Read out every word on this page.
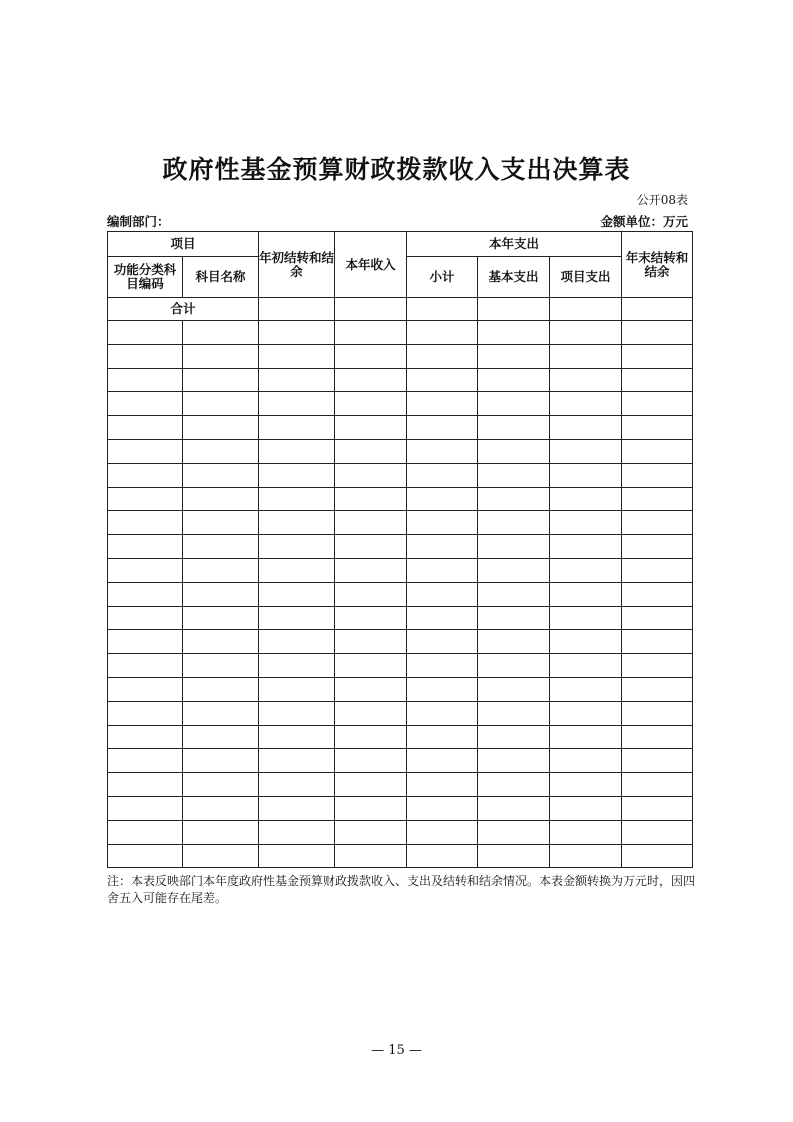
政府性基金预算财政拨款收入支出决算表
公开08表
编制部门：	金额单位：万元
项目		年初结转和结余	本年收入	本年支出			年末结转和结余
功能分类科目编码	科目名称			小计	基本支出	项目支出	
合计							

注：本表反映部门本年度政府性基金预算财政拨款收入、支出及结转和结余情况。本表金额转换为万元时，因四舍五入可能存在尾差。
— 15 —
